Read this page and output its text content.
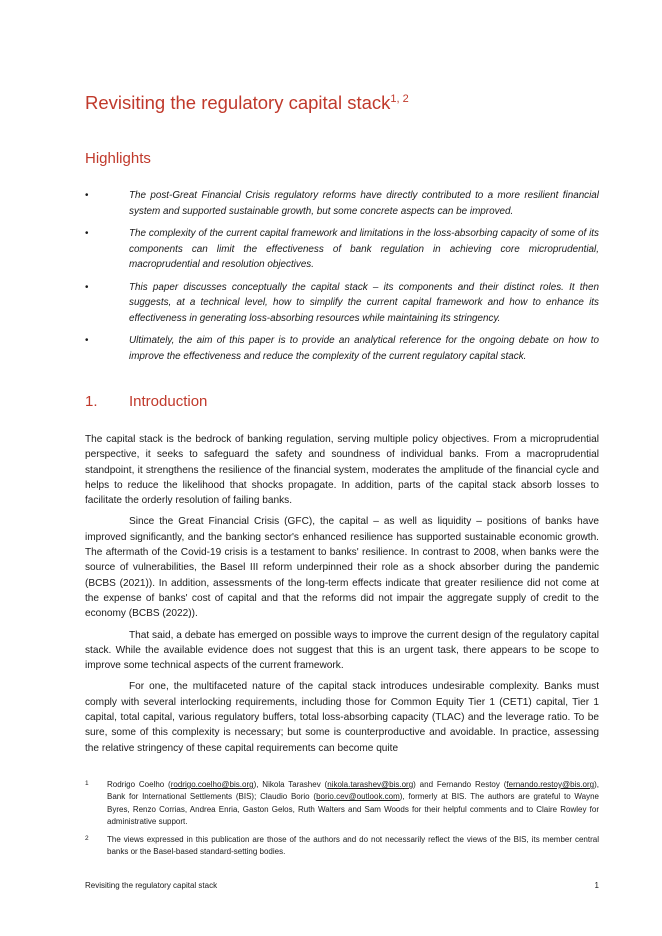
Revisiting the regulatory capital stack$^{1, 2}$
Highlights
•	The post-Great Financial Crisis regulatory reforms have directly contributed to a more resilient financial system and supported sustainable growth, but some concrete aspects can be improved.
•	The complexity of the current capital framework and limitations in the loss-absorbing capacity of some of its components can limit the effectiveness of bank regulation in achieving core microprudential, macroprudential and resolution objectives.
•	This paper discusses conceptually the capital stack – its components and their distinct roles. It then suggests, at a technical level, how to simplify the current capital framework and how to enhance its effectiveness in generating loss-absorbing resources while maintaining its stringency.
•	Ultimately, the aim of this paper is to provide an analytical reference for the ongoing debate on how to improve the effectiveness and reduce the complexity of the current regulatory capital stack.
1. Introduction

The capital stack is the bedrock of banking regulation, serving multiple policy objectives. From a microprudential perspective, it seeks to safeguard the safety and soundness of individual banks. From a macroprudential standpoint, it strengthens the resilience of the financial system, moderates the amplitude of the financial cycle and helps to reduce the likelihood that shocks propagate. In addition, parts of the capital stack absorb losses to facilitate the orderly resolution of failing banks.

Since the Great Financial Crisis (GFC), the capital – as well as liquidity – positions of banks have improved significantly, and the banking sector's enhanced resilience has supported sustainable economic growth. The aftermath of the Covid-19 crisis is a testament to banks' resilience. In contrast to 2008, when banks were the source of vulnerabilities, the Basel III reform underpinned their role as a shock absorber during the pandemic (BCBS (2021)). In addition, assessments of the long-term effects indicate that greater resilience did not come at the expense of banks' cost of capital and that the reforms did not impair the aggregate supply of credit to the economy (BCBS (2022)).

That said, a debate has emerged on possible ways to improve the current design of the regulatory capital stack. While the available evidence does not suggest that this is an urgent task, there appears to be scope to improve some technical aspects of the current framework.

For one, the multifaceted nature of the capital stack introduces undesirable complexity. Banks must comply with several interlocking requirements, including those for Common Equity Tier 1 (CET1) capital, Tier 1 capital, total capital, various regulatory buffers, total loss-absorbing capacity (TLAC) and the leverage ratio. To be sure, some of this complexity is necessary; but some is counterproductive and avoidable. In practice, assessing the relative stringency of these capital requirements can become quite

1 Rodrigo Coelho (rodrigo.coelho@bis.org), Nikola Tarashev (nikola.tarashev@bis.org) and Fernando Restoy (fernando.restoy@bis.org), Bank for International Settlements (BIS); Claudio Borio (borio.cev@outlook.com), formerly at BIS. The authors are grateful to Wayne Byres, Renzo Corrias, Andrea Enria, Gaston Gelos, Ruth Walters and Sam Woods for their helpful comments and to Claire Rowley for administrative support.
2 The views expressed in this publication are those of the authors and do not necessarily reflect the views of the BIS, its member central banks or the Basel-based standard-setting bodies.
Revisiting the regulatory capital stack	1
